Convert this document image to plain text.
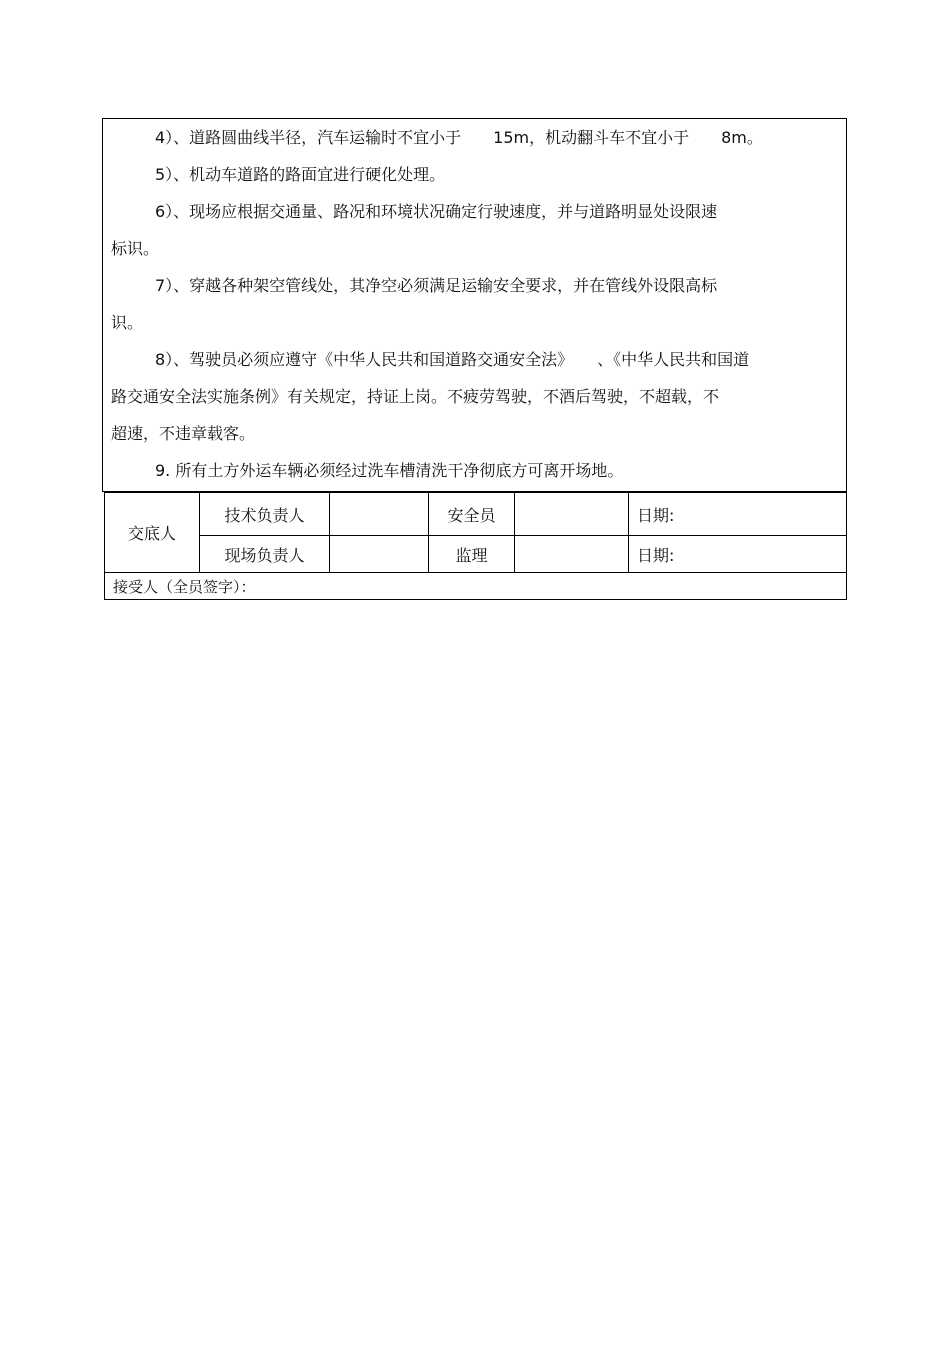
4）、道路圆曲线半径，汽车运输时不宜小于　　15m，机动翻斗车不宜小于　　8m。
5）、机动车道路的路面宜进行硬化处理。
6）、现场应根据交通量、路况和环境状况确定行驶速度，并与道路明显处设限速
标识。
7）、穿越各种架空管线处，其净空必须满足运输安全要求，并在管线外设限高标
识。
8）、驾驶员必须应遵守《中华人民共和国道路交通安全法》　　、《中华人民共和国道
路交通安全法实施条例》有关规定，持证上岗。不疲劳驾驶，不酒后驾驶，不超载，不
超速，不违章载客。
9. 所有土方外运车辆必须经过洗车槽清洗干净彻底方可离开场地。
交底人	技术负责人		安全员		日期:
	现场负责人		监理		日期:
接受人（全员签字）：					
